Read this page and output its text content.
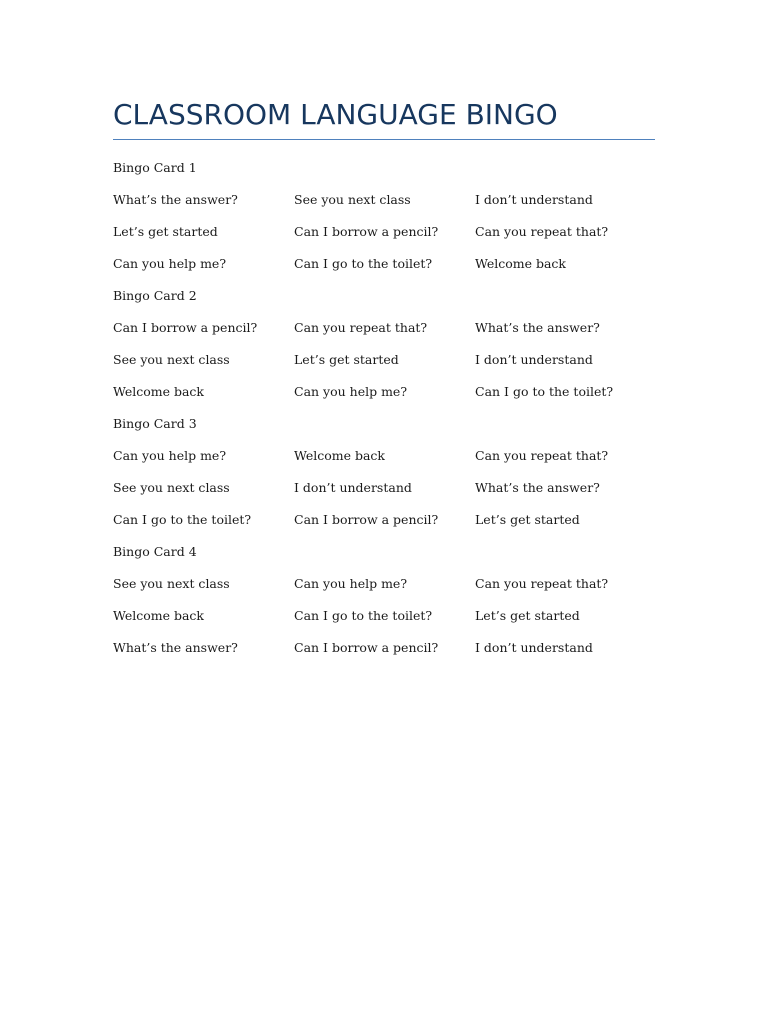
CLASSROOM LANGUAGE BINGO
Bingo Card 1
What’s the answer?	See you next class	I don’t understand
Let’s get started	Can I borrow a pencil?	Can you repeat that?
Can you help me?	Can I go to the toilet?	Welcome back
Bingo Card 2
Can I borrow a pencil?	Can you repeat that?	What’s the answer?
See you next class	Let’s get started	I don’t understand
Welcome back	Can you help me?	Can I go to the toilet?
Bingo Card 3
Can you help me?	Welcome back	Can you repeat that?
See you next class	I don’t understand	What’s the answer?
Can I go to the toilet?	Can I borrow a pencil?	Let’s get started
Bingo Card 4
See you next class	Can you help me?	Can you repeat that?
Welcome back	Can I go to the toilet?	Let’s get started
What’s the answer?	Can I borrow a pencil?	I don’t understand
